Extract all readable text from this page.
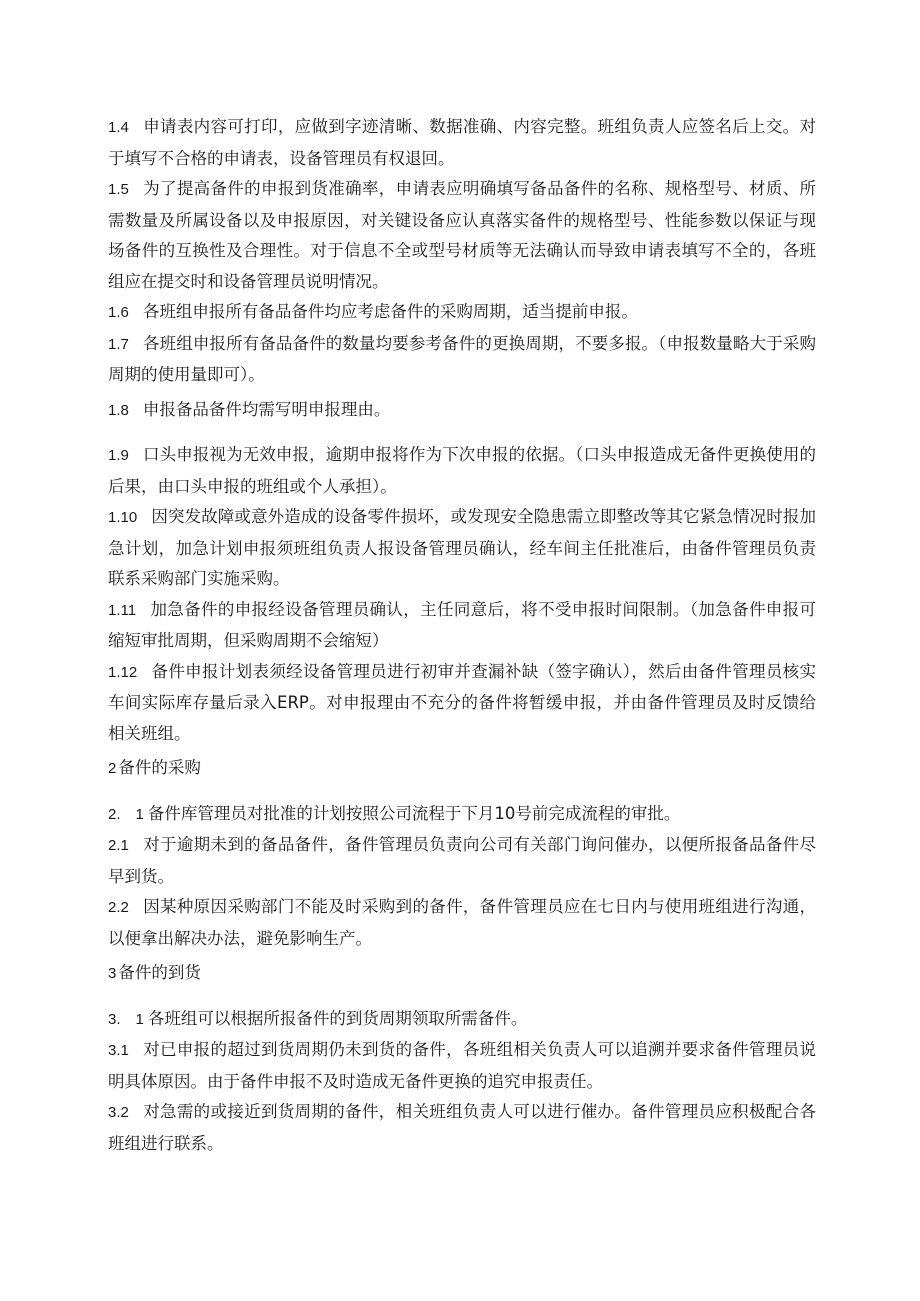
1.4 申请表内容可打印，应做到字迹清晰、数据准确、内容完整。班组负责人应签名后上交。对于填写不合格的申请表，设备管理员有权退回。

1.5 为了提高备件的申报到货准确率，申请表应明确填写备品备件的名称、规格型号、材质、所需数量及所属设备以及申报原因，对关键设备应认真落实备件的规格型号、性能参数以保证与现场备件的互换性及合理性。对于信息不全或型号材质等无法确认而导致申请表填写不全的，各班组应在提交时和设备管理员说明情况。

1.6 各班组申报所有备品备件均应考虑备件的采购周期，适当提前申报。

1.7 各班组申报所有备品备件的数量均要参考备件的更换周期，不要多报。（申报数量略大于采购周期的使用量即可）。

1.8 申报备品备件均需写明申报理由。

1.9 口头申报视为无效申报，逾期申报将作为下次申报的依据。（口头申报造成无备件更换使用的后果，由口头申报的班组或个人承担）。

1.10 因突发故障或意外造成的设备零件损坏，或发现安全隐患需立即整改等其它紧急情况时报加急计划，加急计划申报须班组负责人报设备管理员确认，经车间主任批准后，由备件管理员负责联系采购部门实施采购。

1.11 加急备件的申报经设备管理员确认，主任同意后，将不受申报时间限制。（加急备件申报可缩短审批周期，但采购周期不会缩短）

1.12 备件申报计划表须经设备管理员进行初审并查漏补缺（签字确认），然后由备件管理员核实车间实际库存量后录入ERP。对申报理由不充分的备件将暂缓申报，并由备件管理员及时反馈给相关班组。

2 备件的采购

2.　1 备件库管理员对批准的计划按照公司流程于下月10号前完成流程的审批。

2.1 对于逾期未到的备品备件，备件管理员负责向公司有关部门询问催办，以便所报备品备件尽早到货。

2.2 因某种原因采购部门不能及时采购到的备件，备件管理员应在七日内与使用班组进行沟通，以便拿出解决办法，避免影响生产。

3 备件的到货

3.　1 各班组可以根据所报备件的到货周期领取所需备件。

3.1 对已申报的超过到货周期仍未到货的备件，各班组相关负责人可以追溯并要求备件管理员说明具体原因。由于备件申报不及时造成无备件更换的追究申报责任。

3.2 对急需的或接近到货周期的备件，相关班组负责人可以进行催办。备件管理员应积极配合各班组进行联系。
